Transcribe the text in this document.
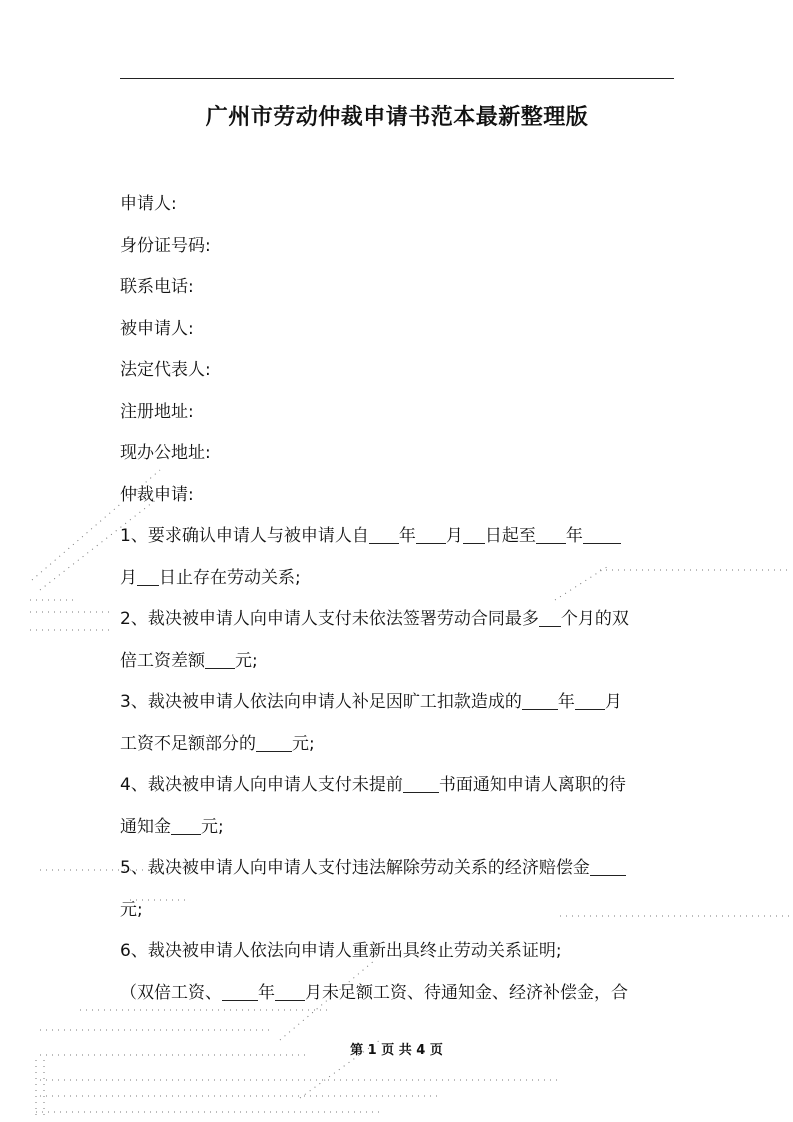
广州市劳动仲裁申请书范本最新整理版
申请人:
身份证号码:
联系电话:
被申请人:
法定代表人:
注册地址:
现办公地址:
仲裁申请:
1、要求确认申请人与被申请人自 年 月 日起至 年
月 日止存在劳动关系;
2、裁决被申请人向申请人支付未依法签署劳动合同最多 个月的双
倍工资差额 元;
3、裁决被申请人依法向申请人补足因旷工扣款造成的 年 月
工资不足额部分的 元;
4、裁决被申请人向申请人支付未提前 书面通知申请人离职的待
通知金 元;
5、裁决被申请人向申请人支付违法解除劳动关系的经济赔偿金
元;
6、裁决被申请人依法向申请人重新出具终止劳动关系证明;
（双倍工资、 年 月未足额工资、待通知金、经济补偿金，合
第 1 页 共 4 页
